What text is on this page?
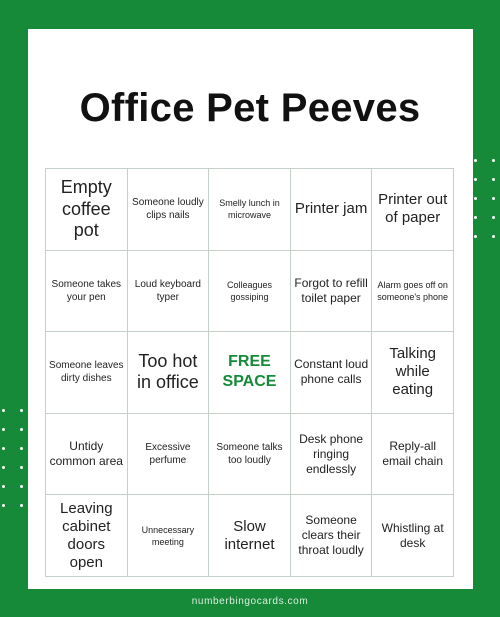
Office Pet Peeves
Empty coffee pot
Someone loudly clips nails
Smelly lunch in microwave	Printer jam
Printer out of paper
Someone takes your pen
Loud keyboard typer
Colleagues gossiping
Forgot to refill toilet paper
Alarm goes off on someone's phone
Someone leaves dirty dishes
Too hot in office
FREE SPACE
Constant loud phone calls
Talking while eating
Untidy common area
Excessive perfume
Someone talks too loudly
Desk phone ringing endlessly
Reply-all email chain
Leaving cabinet doors open
Unnecessary meeting
Slow internet
Someone clears their throat loudly
Whistling at desk
numberbingocards.com
